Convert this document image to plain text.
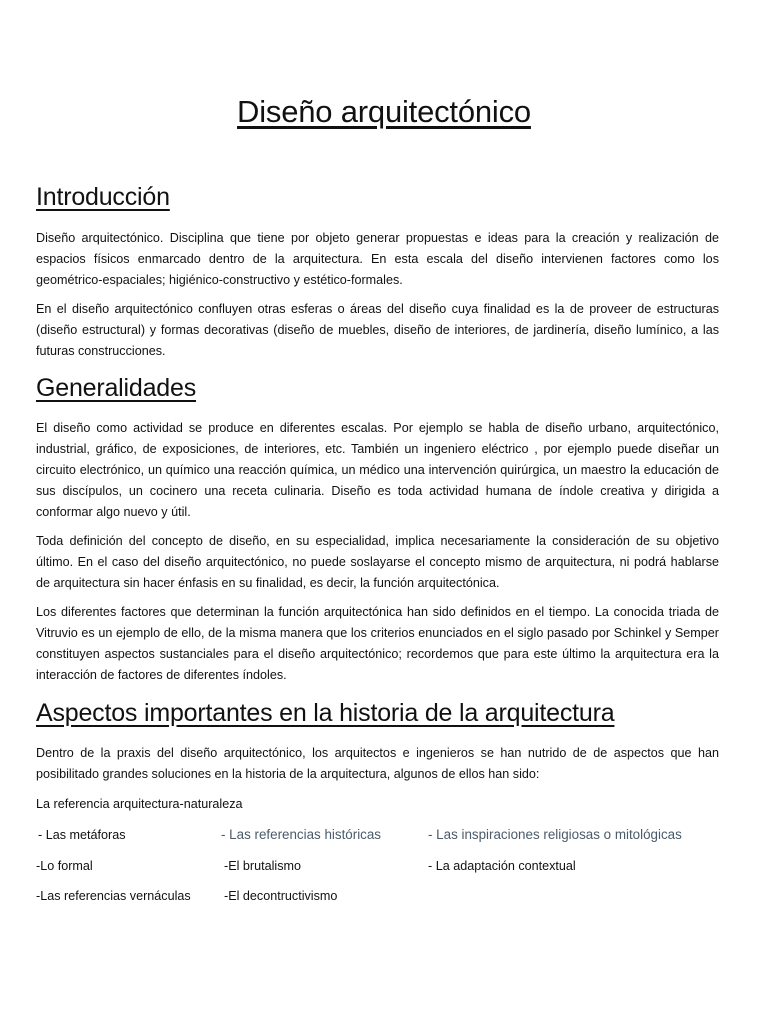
Diseño arquitectónico
Introducción

Diseño arquitectónico. Disciplina que tiene por objeto generar propuestas e ideas para la creación y realización de espacios físicos enmarcado dentro de la arquitectura. En esta escala del diseño intervienen factores como los geométrico-espaciales; higiénico-constructivo y estético-formales.

En el diseño arquitectónico confluyen otras esferas o áreas del diseño cuya finalidad es la de proveer de estructuras (diseño estructural) y formas decorativas (diseño de muebles, diseño de interiores, de jardinería, diseño lumínico, a las futuras construcciones.

Generalidades

El diseño como actividad se produce en diferentes escalas. Por ejemplo se habla de diseño urbano, arquitectónico, industrial, gráfico, de exposiciones, de interiores, etc. También un ingeniero eléctrico , por ejemplo puede diseñar un circuito electrónico, un químico una reacción química, un médico una intervención quirúrgica, un maestro la educación de sus discípulos, un cocinero una receta culinaria. Diseño es toda actividad humana de índole creativa y dirigida a conformar algo nuevo y útil.

Toda definición del concepto de diseño, en su especialidad, implica necesariamente la consideración de su objetivo último. En el caso del diseño arquitectónico, no puede soslayarse el concepto mismo de arquitectura, ni podrá hablarse de arquitectura sin hacer énfasis en su finalidad, es decir, la función arquitectónica.

Los diferentes factores que determinan la función arquitectónica han sido definidos en el tiempo. La conocida triada de Vitruvio es un ejemplo de ello, de la misma manera que los criterios enunciados en el siglo pasado por Schinkel y Semper constituyen aspectos sustanciales para el diseño arquitectónico; recordemos que para este último la arquitectura era la interacción de factores de diferentes índoles.

Aspectos importantes en la historia de la arquitectura

Dentro de la praxis del diseño arquitectónico, los arquitectos e ingenieros se han nutrido de de aspectos que han posibilitado grandes soluciones en la historia de la arquitectura, algunos de ellos han sido:

La referencia arquitectura-naturaleza

- Las metáforas	- Las referencias históricas	- Las inspiraciones religiosas o mitológicas

-Lo formal	-El brutalismo	- La adaptación contextual

-Las referencias vernáculas	-El decontructivismo
